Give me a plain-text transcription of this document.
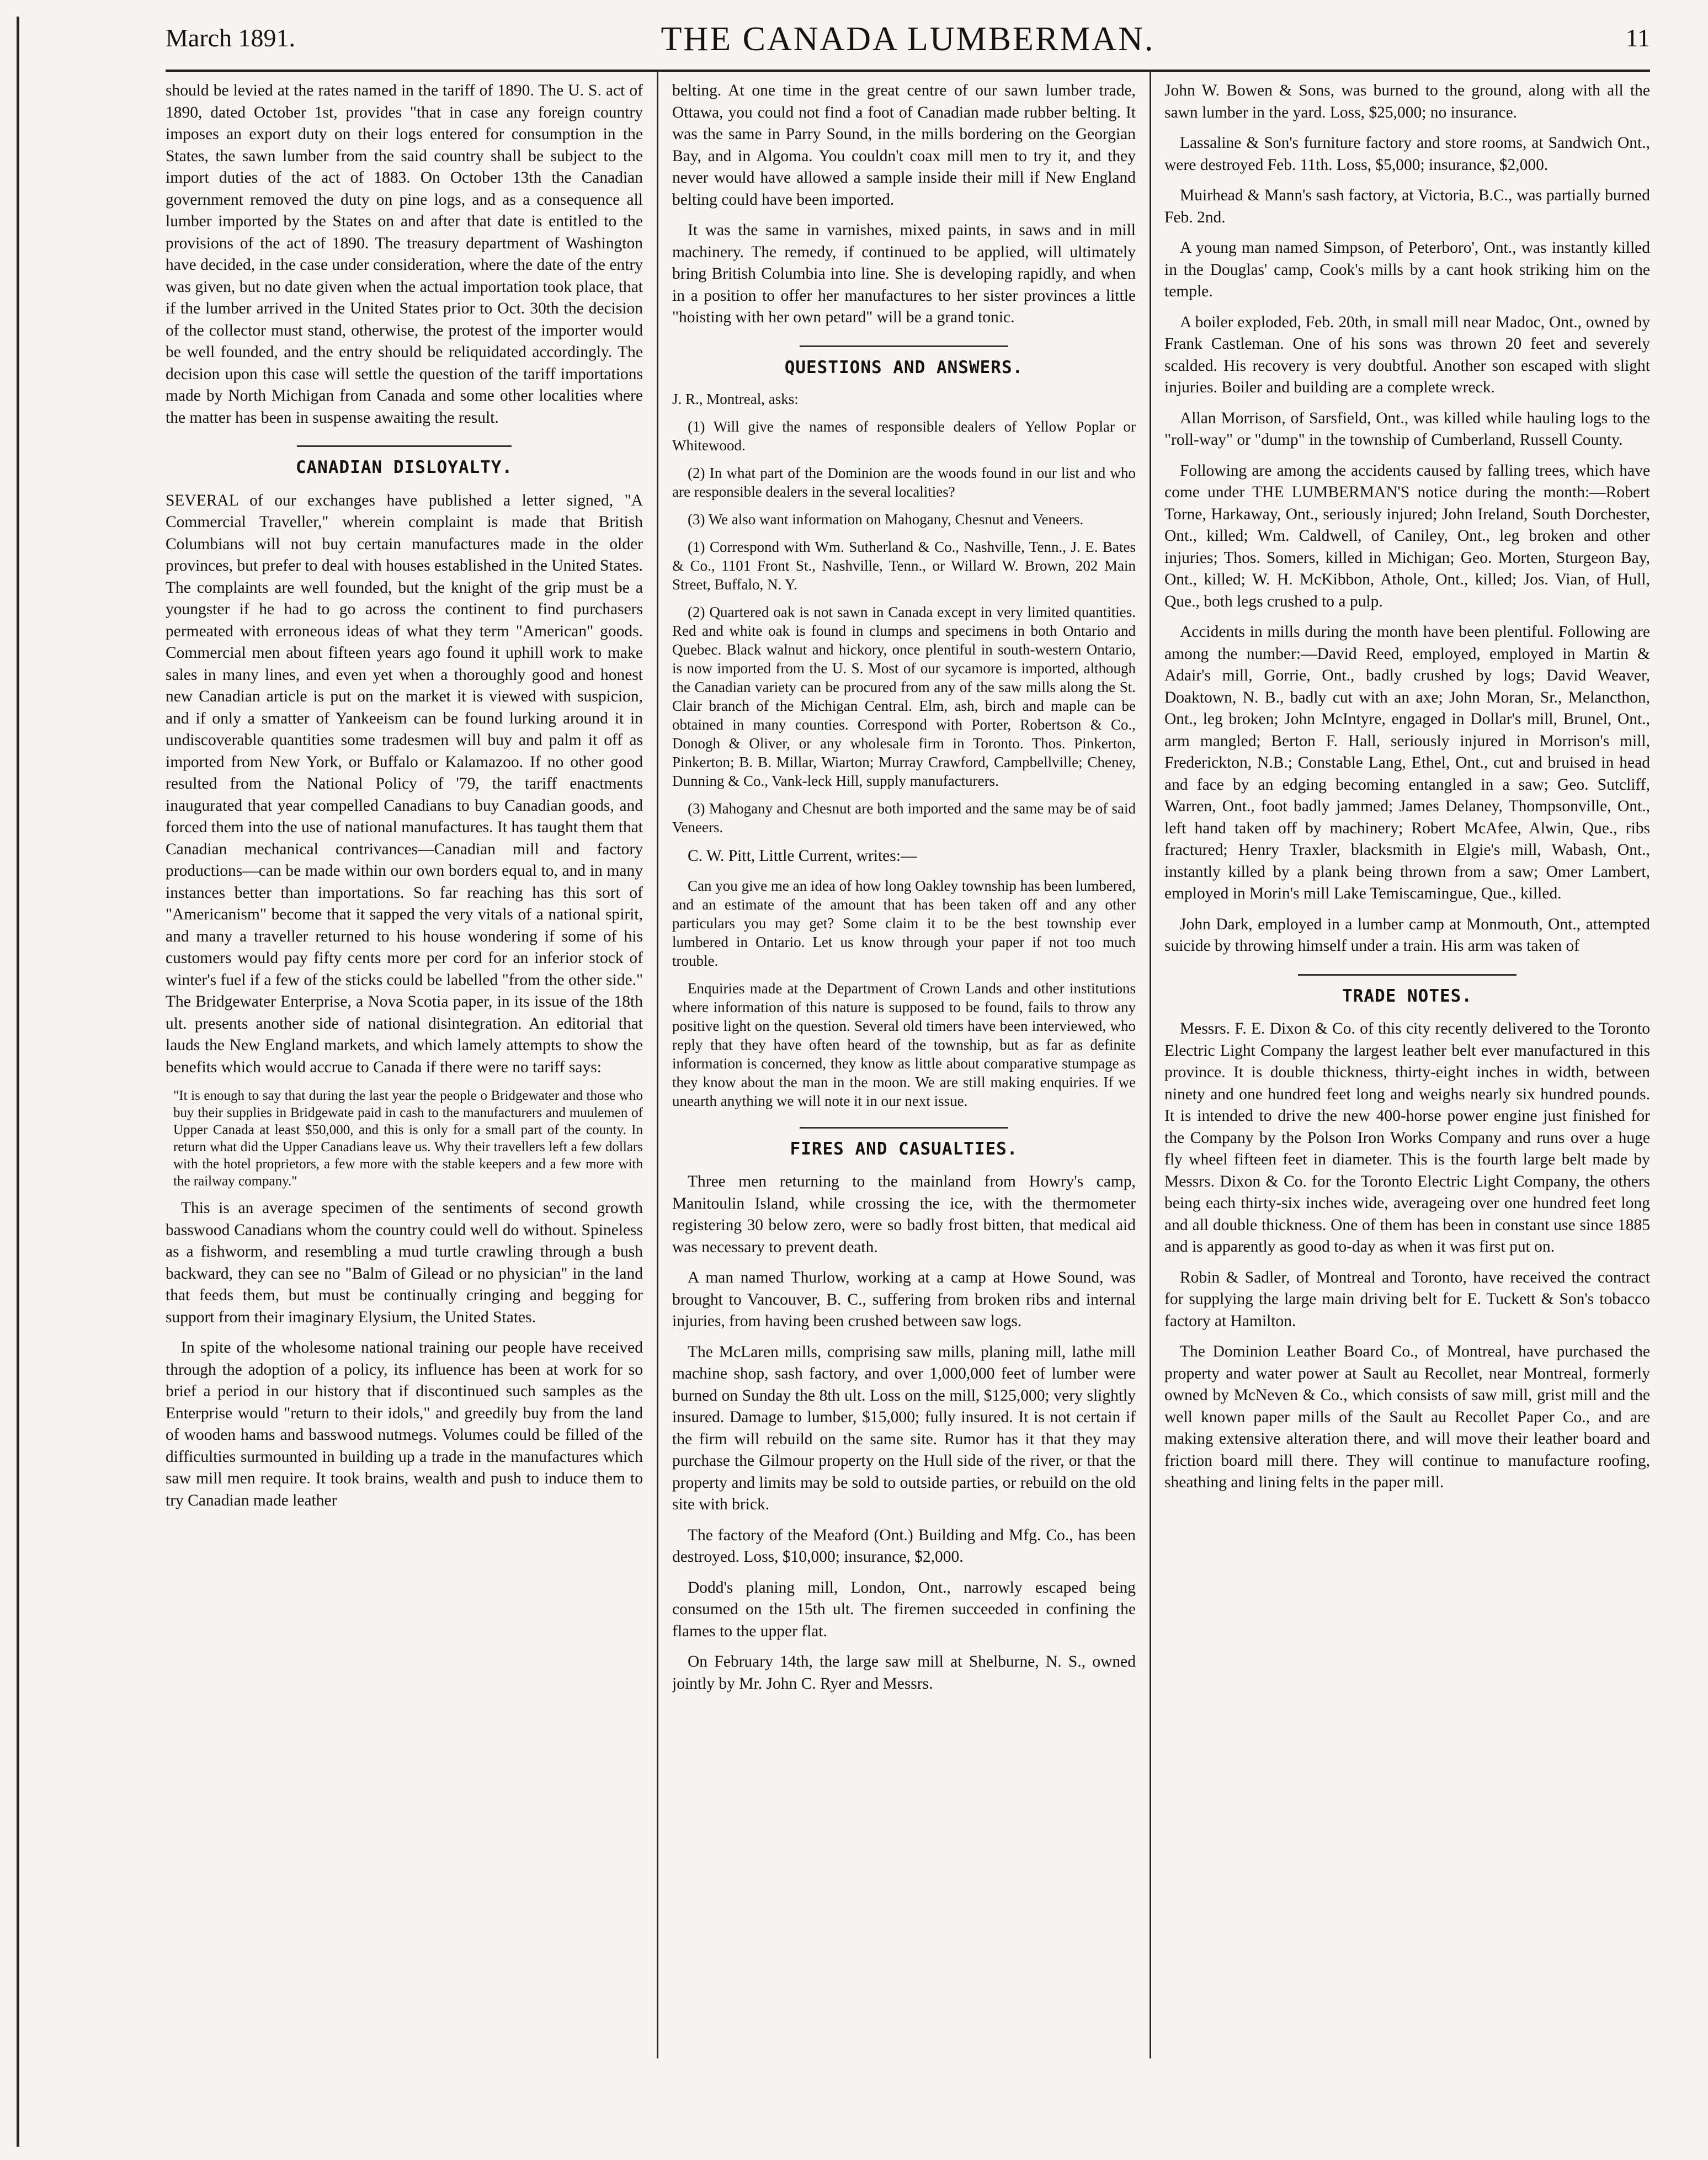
March 1891.	THE CANADA LUMBERMAN.	11

should be levied at the rates named in the tariff of 1890. The U. S. act of 1890, dated October 1st, provides "that in case any foreign country imposes an export duty on their logs entered for consumption in the States, the sawn lumber from the said country shall be subject to the import duties of the act of 1883. On October 13th the Canadian government removed the duty on pine logs, and as a consequence all lumber imported by the States on and after that date is entitled to the provisions of the act of 1890. The treasury department of Washington have decided, in the case under consideration, where the date of the entry was given, but no date given when the actual importation took place, that if the lumber arrived in the United States prior to Oct. 30th the decision of the collector must stand, otherwise, the protest of the importer would be well founded, and the entry should be reliquidated accordingly. The decision upon this case will settle the question of the tariff importations made by North Michigan from Canada and some other localities where the matter has been in suspense awaiting the result.

CANADIAN DISLOYALTY.

SEVERAL of our exchanges have published a letter signed, "A Commercial Traveller," wherein complaint is made that British Columbians will not buy certain manufactures made in the older provinces, but prefer to deal with houses established in the United States. The complaints are well founded, but the knight of the grip must be a youngster if he had to go across the continent to find purchasers permeated with erroneous ideas of what they term "American" goods. Commercial men about fifteen years ago found it uphill work to make sales in many lines, and even yet when a thoroughly good and honest new Canadian article is put on the market it is viewed with suspicion, and if only a smatter of Yankeeism can be found lurking around it in undiscoverable quantities some tradesmen will buy and palm it off as imported from New York, or Buffalo or Kalamazoo. If no other good resulted from the National Policy of '79, the tariff enactments inaugurated that year compelled Canadians to buy Canadian goods, and forced them into the use of national manufactures. It has taught them that Canadian mechanical contrivances—Canadian mill and factory productions—can be made within our own borders equal to, and in many instances better than importations. So far reaching has this sort of "Americanism" become that it sapped the very vitals of a national spirit, and many a traveller returned to his house wondering if some of his customers would pay fifty cents more per cord for an inferior stock of winter's fuel if a few of the sticks could be labelled "from the other side." The Bridgewater Enterprise, a Nova Scotia paper, in its issue of the 18th ult. presents another side of national disintegration. An editorial that lauds the New England markets, and which lamely attempts to show the benefits which would accrue to Canada if there were no tariff says:

"It is enough to say that during the last year the people o Bridgewater and those who buy their supplies in Bridgewate paid in cash to the manufacturers and muulemen of Upper Canada at least $50,000, and this is only for a small part of the county. In return what did the Upper Canadians leave us. Why their travellers left a few dollars with the hotel proprietors, a few more with the stable keepers and a few more with the railway company."

This is an average specimen of the sentiments of second growth basswood Canadians whom the country could well do without. Spineless as a fishworm, and resembling a mud turtle crawling through a bush backward, they can see no "Balm of Gilead or no physician" in the land that feeds them, but must be continually cringing and begging for support from their imaginary Elysium, the United States.

In spite of the wholesome national training our people have received through the adoption of a policy, its influence has been at work for so brief a period in our history that if discontinued such samples as the Enterprise would "return to their idols," and greedily buy from the land of wooden hams and basswood nutmegs. Volumes could be filled of the difficulties surmounted in building up a trade in the manufactures which saw mill men require. It took brains, wealth and push to induce them to try Canadian made leather

belting. At one time in the great centre of our sawn lumber trade, Ottawa, you could not find a foot of Canadian made rubber belting. It was the same in Parry Sound, in the mills bordering on the Georgian Bay, and in Algoma. You couldn't coax mill men to try it, and they never would have allowed a sample inside their mill if New England belting could have been imported.

It was the same in varnishes, mixed paints, in saws and in mill machinery. The remedy, if continued to be applied, will ultimately bring British Columbia into line. She is developing rapidly, and when in a position to offer her manufactures to her sister provinces a little "hoisting with her own petard" will be a grand tonic.

QUESTIONS AND ANSWERS.

J. R., Montreal, asks:

(1) Will give the names of responsible dealers of Yellow Poplar or Whitewood.

(2) In what part of the Dominion are the woods found in our list and who are responsible dealers in the several localities?

(3) We also want information on Mahogany, Chesnut and Veneers.

(1) Correspond with Wm. Sutherland & Co., Nashville, Tenn., J. E. Bates & Co., 1101 Front St., Nashville, Tenn., or Willard W. Brown, 202 Main Street, Buffalo, N. Y.

(2) Quartered oak is not sawn in Canada except in very limited quantities. Red and white oak is found in clumps and specimens in both Ontario and Quebec. Black walnut and hickory, once plentiful in south-western Ontario, is now imported from the U. S. Most of our sycamore is imported, although the Canadian variety can be procured from any of the saw mills along the St. Clair branch of the Michigan Central. Elm, ash, birch and maple can be obtained in many counties. Correspond with Porter, Robertson & Co., Donogh & Oliver, or any wholesale firm in Toronto. Thos. Pinkerton, Pinkerton; B. B. Millar, Wiarton; Murray Crawford, Campbellville; Cheney, Dunning & Co., Vank-leck Hill, supply manufacturers.

(3) Mahogany and Chesnut are both imported and the same may be of said Veneers.

C. W. Pitt, Little Current, writes:—

Can you give me an idea of how long Oakley township has been lumbered, and an estimate of the amount that has been taken off and any other particulars you may get? Some claim it to be the best township ever lumbered in Ontario. Let us know through your paper if not too much trouble.

Enquiries made at the Department of Crown Lands and other institutions where information of this nature is supposed to be found, fails to throw any positive light on the question. Several old timers have been interviewed, who reply that they have often heard of the township, but as far as definite information is concerned, they know as little about comparative stumpage as they know about the man in the moon. We are still making enquiries. If we unearth anything we will note it in our next issue.

FIRES AND CASUALTIES.

Three men returning to the mainland from Howry's camp, Manitoulin Island, while crossing the ice, with the thermometer registering 30 below zero, were so badly frost bitten, that medical aid was necessary to prevent death.

A man named Thurlow, working at a camp at Howe Sound, was brought to Vancouver, B. C., suffering from broken ribs and internal injuries, from having been crushed between saw logs.

The McLaren mills, comprising saw mills, planing mill, lathe mill machine shop, sash factory, and over 1,000,000 feet of lumber were burned on Sunday the 8th ult. Loss on the mill, $125,000; very slightly insured. Damage to lumber, $15,000; fully insured. It is not certain if the firm will rebuild on the same site. Rumor has it that they may purchase the Gilmour property on the Hull side of the river, or that the property and limits may be sold to outside parties, or rebuild on the old site with brick.

The factory of the Meaford (Ont.) Building and Mfg. Co., has been destroyed. Loss, $10,000; insurance, $2,000.

Dodd's planing mill, London, Ont., narrowly escaped being consumed on the 15th ult. The firemen succeeded in confining the flames to the upper flat.

On February 14th, the large saw mill at Shelburne, N. S., owned jointly by Mr. John C. Ryer and Messrs.

John W. Bowen & Sons, was burned to the ground, along with all the sawn lumber in the yard. Loss, $25,000; no insurance.

Lassaline & Son's furniture factory and store rooms, at Sandwich Ont., were destroyed Feb. 11th. Loss, $5,000; insurance, $2,000.

Muirhead & Mann's sash factory, at Victoria, B.C., was partially burned Feb. 2nd.

A young man named Simpson, of Peterboro', Ont., was instantly killed in the Douglas' camp, Cook's mills by a cant hook striking him on the temple.

A boiler exploded, Feb. 20th, in small mill near Madoc, Ont., owned by Frank Castleman. One of his sons was thrown 20 feet and severely scalded. His recovery is very doubtful. Another son escaped with slight injuries. Boiler and building are a complete wreck.

Allan Morrison, of Sarsfield, Ont., was killed while hauling logs to the "roll-way" or "dump" in the township of Cumberland, Russell County.

Following are among the accidents caused by falling trees, which have come under THE LUMBERMAN'S notice during the month:—Robert Torne, Harkaway, Ont., seriously injured; John Ireland, South Dorchester, Ont., killed; Wm. Caldwell, of Caniley, Ont., leg broken and other injuries; Thos. Somers, killed in Michigan; Geo. Morten, Sturgeon Bay, Ont., killed; W. H. McKibbon, Athole, Ont., killed; Jos. Vian, of Hull, Que., both legs crushed to a pulp.

Accidents in mills during the month have been plentiful. Following are among the number:—David Reed, employed, employed in Martin & Adair's mill, Gorrie, Ont., badly crushed by logs; David Weaver, Doaktown, N. B., badly cut with an axe; John Moran, Sr., Melancthon, Ont., leg broken; John McIntyre, engaged in Dollar's mill, Brunel, Ont., arm mangled; Berton F. Hall, seriously injured in Morrison's mill, Frederickton, N.B.; Constable Lang, Ethel, Ont., cut and bruised in head and face by an edging becoming entangled in a saw; Geo. Sutcliff, Warren, Ont., foot badly jammed; James Delaney, Thompsonville, Ont., left hand taken off by machinery; Robert McAfee, Alwin, Que., ribs fractured; Henry Traxler, blacksmith in Elgie's mill, Wabash, Ont., instantly killed by a plank being thrown from a saw; Omer Lambert, employed in Morin's mill Lake Temiscamingue, Que., killed.

John Dark, employed in a lumber camp at Monmouth, Ont., attempted suicide by throwing himself under a train. His arm was taken of

TRADE NOTES.

Messrs. F. E. Dixon & Co. of this city recently delivered to the Toronto Electric Light Company the largest leather belt ever manufactured in this province. It is double thickness, thirty-eight inches in width, between ninety and one hundred feet long and weighs nearly six hundred pounds. It is intended to drive the new 400-horse power engine just finished for the Company by the Polson Iron Works Company and runs over a huge fly wheel fifteen feet in diameter. This is the fourth large belt made by Messrs. Dixon & Co. for the Toronto Electric Light Company, the others being each thirty-six inches wide, averageing over one hundred feet long and all double thickness. One of them has been in constant use since 1885 and is apparently as good to-day as when it was first put on.

Robin & Sadler, of Montreal and Toronto, have received the contract for supplying the large main driving belt for E. Tuckett & Son's tobacco factory at Hamilton.

The Dominion Leather Board Co., of Montreal, have purchased the property and water power at Sault au Recollet, near Montreal, formerly owned by McNeven & Co., which consists of saw mill, grist mill and the well known paper mills of the Sault au Recollet Paper Co., and are making extensive alteration there, and will move their leather board and friction board mill there. They will continue to manufacture roofing, sheathing and lining felts in the paper mill.
